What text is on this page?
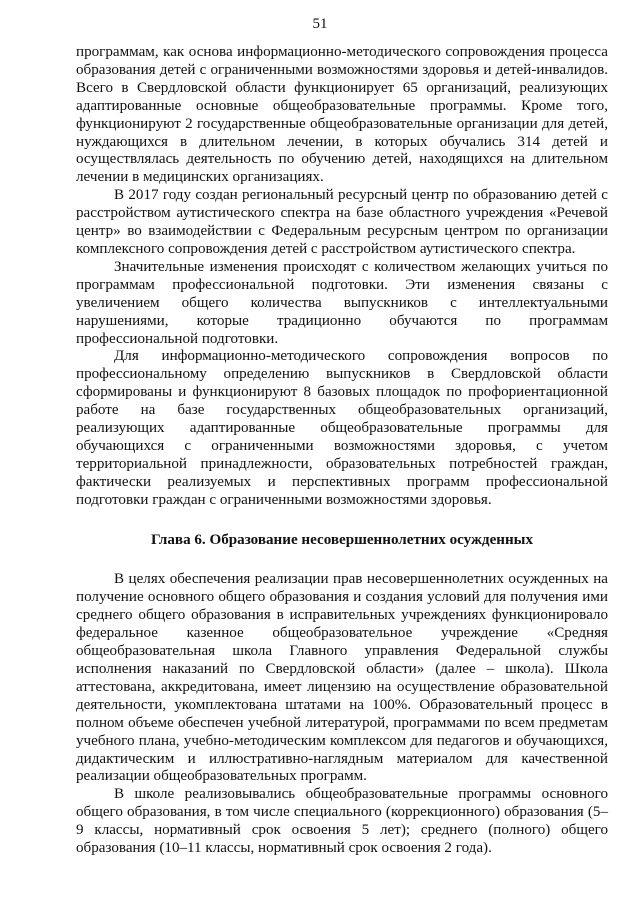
51

программам, как основа информационно-методического сопровождения процесса образования детей с ограниченными возможностями здоровья и детей-инвалидов. Всего в Свердловской области функционирует 65 организаций, реализующих адаптированные основные общеобразовательные программы. Кроме того, функционируют 2 государственные общеобразовательные организации для детей, нуждающихся в длительном лечении, в которых обучались 314 детей и осуществлялась деятельность по обучению детей, находящихся на длительном лечении в медицинских организациях.

В 2017 году создан региональный ресурсный центр по образованию детей с расстройством аутистического спектра на базе областного учреждения «Речевой центр» во взаимодействии с Федеральным ресурсным центром по организации комплексного сопровождения детей с расстройством аутистического спектра.

Значительные изменения происходят с количеством желающих учиться по программам профессиональной подготовки. Эти изменения связаны с увеличением общего количества выпускников с интеллектуальными нарушениями, которые традиционно обучаются по программам профессиональной подготовки.

Для информационно-методического сопровождения вопросов по профессиональному определению выпускников в Свердловской области сформированы и функционируют 8 базовых площадок по профориентационной работе на базе государственных общеобразовательных организаций, реализующих адаптированные общеобразовательные программы для обучающихся с ограниченными возможностями здоровья, с учетом территориальной принадлежности, образовательных потребностей граждан, фактически реализуемых и перспективных программ профессиональной подготовки граждан с ограниченными возможностями здоровья.

Глава 6. Образование несовершеннолетних осужденных

В целях обеспечения реализации прав несовершеннолетних осужденных на получение основного общего образования и создания условий для получения ими среднего общего образования в исправительных учреждениях функционировало федеральное казенное общеобразовательное учреждение «Средняя общеобразовательная школа Главного управления Федеральной службы исполнения наказаний по Свердловской области» (далее – школа). Школа аттестована, аккредитована, имеет лицензию на осуществление образовательной деятельности, укомплектована штатами на 100%. Образовательный процесс в полном объеме обеспечен учебной литературой, программами по всем предметам учебного плана, учебно-методическим комплексом для педагогов и обучающихся, дидактическим и иллюстративно-наглядным материалом для качественной реализации общеобразовательных программ.

В школе реализовывались общеобразовательные программы основного общего образования, в том числе специального (коррекционного) образования (5–9 классы, нормативный срок освоения 5 лет); среднего (полного) общего образования (10–11 классы, нормативный срок освоения 2 года).
